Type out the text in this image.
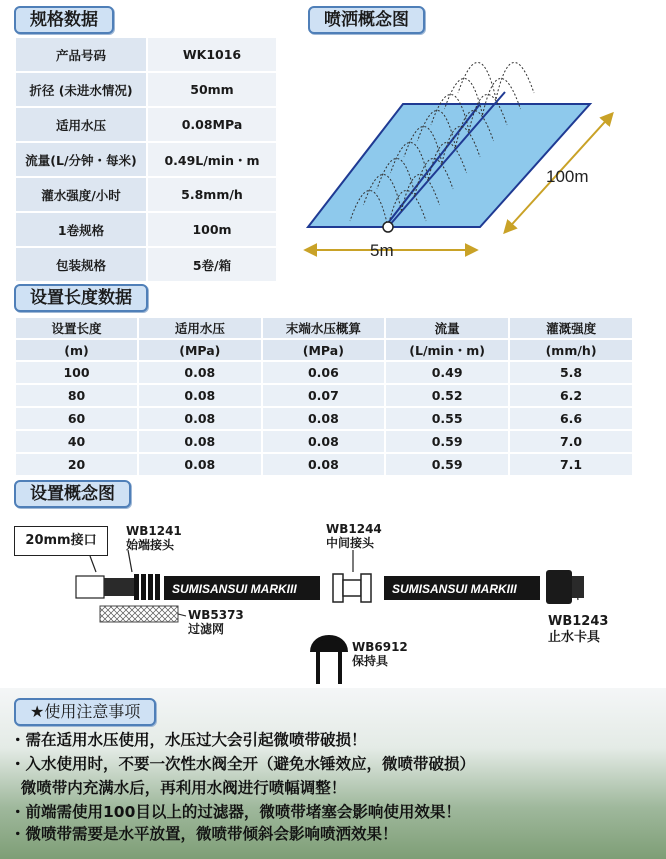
规格数据
产品号码	WK1016
折径 (未进水情况)	50mm
适用水压	0.08MPa
流量(L/分钟・每米)	0.49L/min・m
灌水强度/小时	5.8mm/h
1卷规格	100m
包装规格	5卷/箱
喷洒概念图
5m
100m
设置长度数据
设置长度	适用水压	末端水压概算	流量	灌溉强度
(m)	(MPa)	(MPa)	(L/min・m)	(mm/h)
100	0.08	0.06	0.49	5.8
80	0.08	0.07	0.52	6.2
60	0.08	0.08	0.55	6.6
40	0.08	0.08	0.59	7.0
20	0.08	0.08	0.59	7.1
设置概念图
20mm接口
SUMISANSUI MARKIII	SUMISANSUI MARKIII
WB1241
始端接头
WB1244
中间接头
WB5373
过滤网
WB6912
保持具
WB1243
止水卡具
★使用注意事项
・需在适用水压使用，水压过大会引起微喷带破损！
・入水使用时，不要一次性水阀全开（避免水锤效应，微喷带破损）
微喷带内充满水后，再利用水阀进行喷幅调整！
・前端需使用100目以上的过滤器，微喷带堵塞会影响使用效果！
・微喷带需要是水平放置，微喷带倾斜会影响喷洒效果！
